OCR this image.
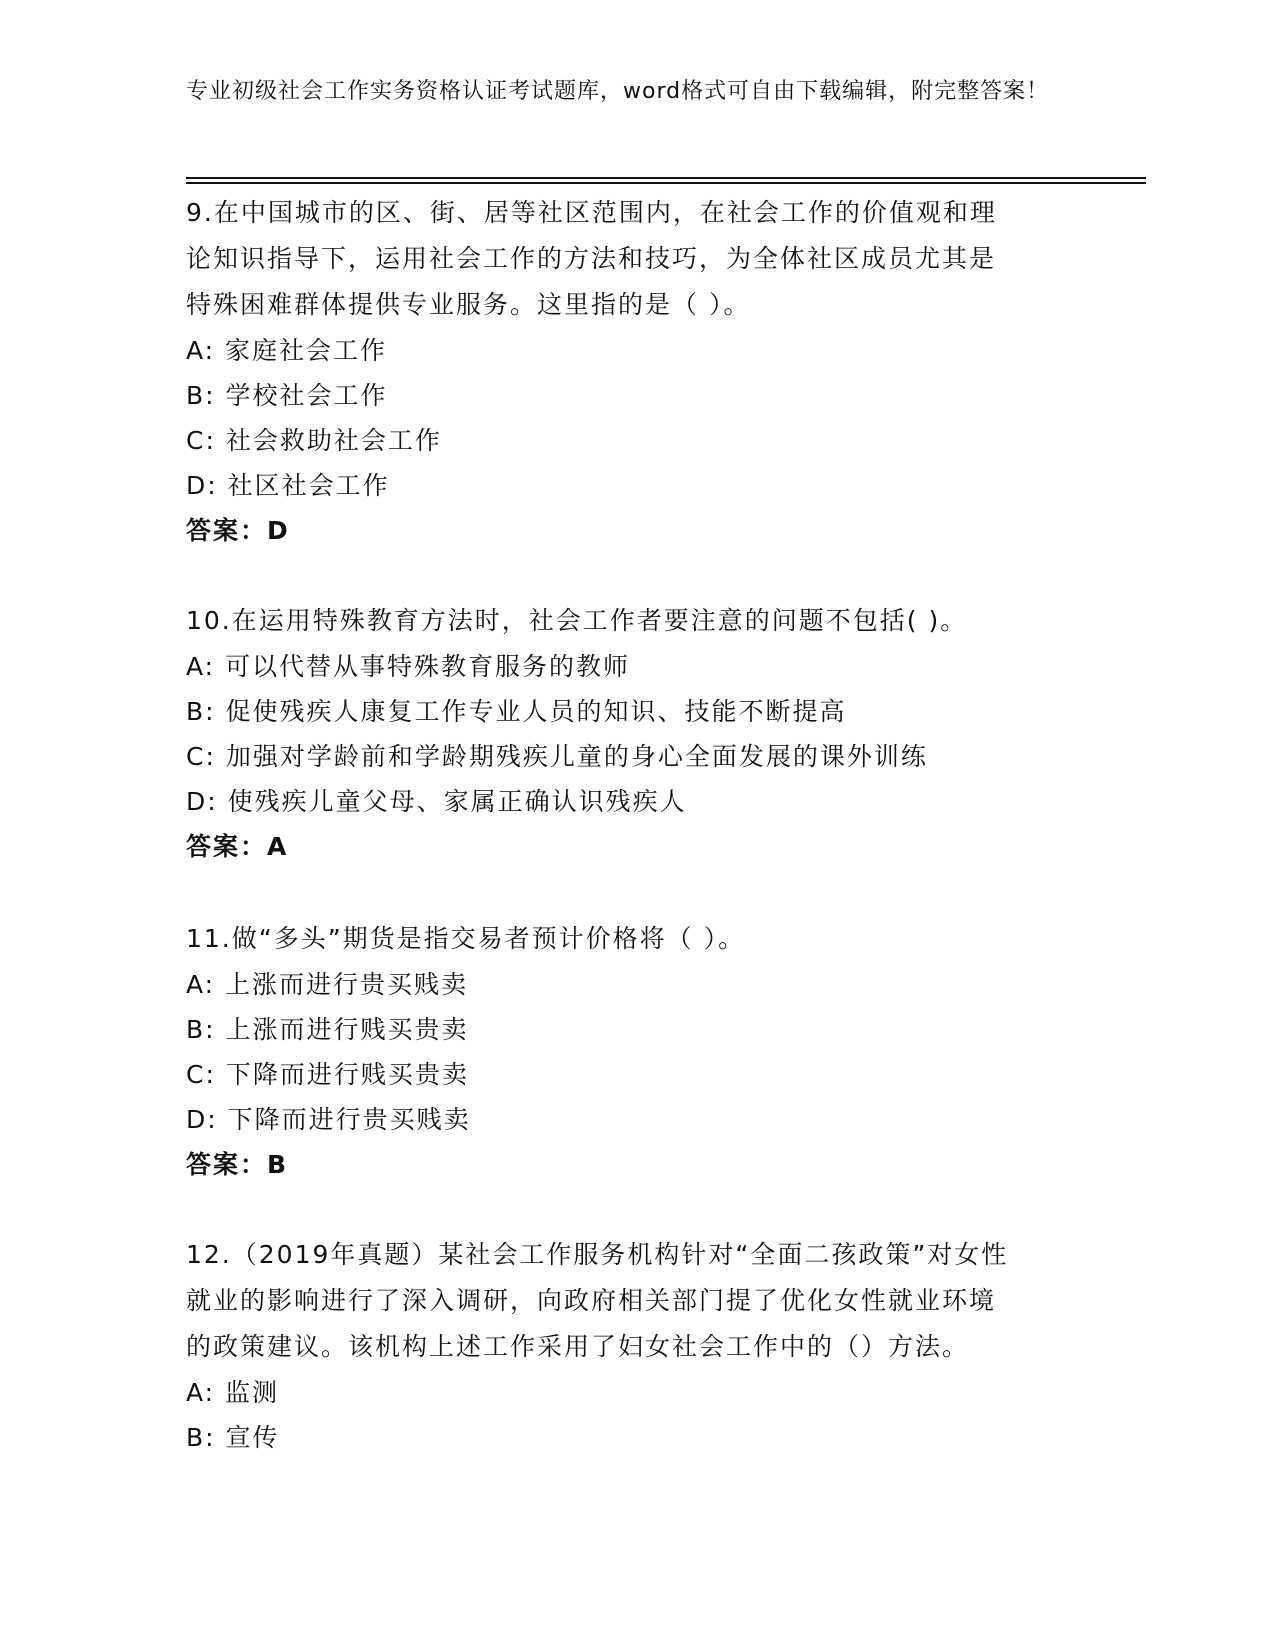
专业初级社会工作实务资格认证考试题库，word格式可自由下载编辑，附完整答案！
9.在中国城市的区、街、居等社区范围内，在社会工作的价值观和理
论知识指导下，运用社会工作的方法和技巧，为全体社区成员尤其是
特殊困难群体提供专业服务。这里指的是（ ）。
A: 家庭社会工作
B: 学校社会工作
C: 社会救助社会工作
D: 社区社会工作
答案：D
10.在运用特殊教育方法时，社会工作者要注意的问题不包括( )。
A: 可以代替从事特殊教育服务的教师
B: 促使残疾人康复工作专业人员的知识、技能不断提高
C: 加强对学龄前和学龄期残疾儿童的身心全面发展的课外训练
D: 使残疾儿童父母、家属正确认识残疾人
答案：A
11.做“多头”期货是指交易者预计价格将（ ）。
A: 上涨而进行贵买贱卖
B: 上涨而进行贱买贵卖
C: 下降而进行贱买贵卖
D: 下降而进行贵买贱卖
答案：B
12.（2019年真题）某社会工作服务机构针对“全面二孩政策”对女性
就业的影响进行了深入调研，向政府相关部门提了优化女性就业环境
的政策建议。该机构上述工作采用了妇女社会工作中的（）方法。
A: 监测
B: 宣传
